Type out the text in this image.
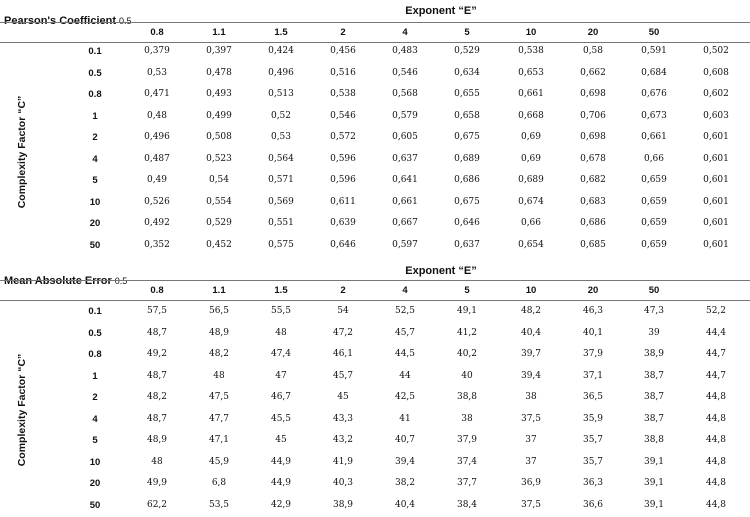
Pearson's Coefficient 0.5
Exponent “E”
0.8	1.1	1.5	2	4	5	10	20	50
Complexity Factor “C”
0.1	0,379	0,397	0,424	0,456	0,483	0,529	0,538	0,58	0,591	0,502
0.5	0,53	0,478	0,496	0,516	0,546	0,634	0,653	0,662	0,684	0,608
0.8	0,471	0,493	0,513	0,538	0,568	0,655	0,661	0,698	0,676	0,602
1	0,48	0,499	0,52	0,546	0,579	0,658	0,668	0,706	0,673	0,603
2	0,496	0,508	0,53	0,572	0,605	0,675	0,69	0,698	0,661	0,601
4	0,487	0,523	0,564	0,596	0,637	0,689	0,69	0,678	0,66	0,601
5	0,49	0,54	0,571	0,596	0,641	0,686	0,689	0,682	0,659	0,601
10	0,526	0,554	0,569	0,611	0,661	0,675	0,674	0,683	0,659	0,601
20	0,492	0,529	0,551	0,639	0,667	0,646	0,66	0,686	0,659	0,601
50	0,352	0,452	0,575	0,646	0,597	0,637	0,654	0,685	0,659	0,601
Mean Absolute Error 0.5
Exponent “E”
0.8	1.1	1.5	2	4	5	10	20	50
Complexity Factor “C”
0.1	57,5	56,5	55,5	54	52,5	49,1	48,2	46,3	47,3	52,2
0.5	48,7	48,9	48	47,2	45,7	41,2	40,4	40,1	39	44,4
0.8	49,2	48,2	47,4	46,1	44,5	40,2	39,7	37,9	38,9	44,7
1	48,7	48	47	45,7	44	40	39,4	37,1	38,7	44,7
2	48,2	47,5	46,7	45	42,5	38,8	38	36,5	38,7	44,8
4	48,7	47,7	45,5	43,3	41	38	37,5	35,9	38,7	44,8
5	48,9	47,1	45	43,2	40,7	37,9	37	35,7	38,8	44,8
10	48	45,9	44,9	41,9	39,4	37,4	37	35,7	39,1	44,8
20	49,9	6,8	44,9	40,3	38,2	37,7	36,9	36,3	39,1	44,8
50	62,2	53,5	42,9	38,9	40,4	38,4	37,5	36,6	39,1	44,8
